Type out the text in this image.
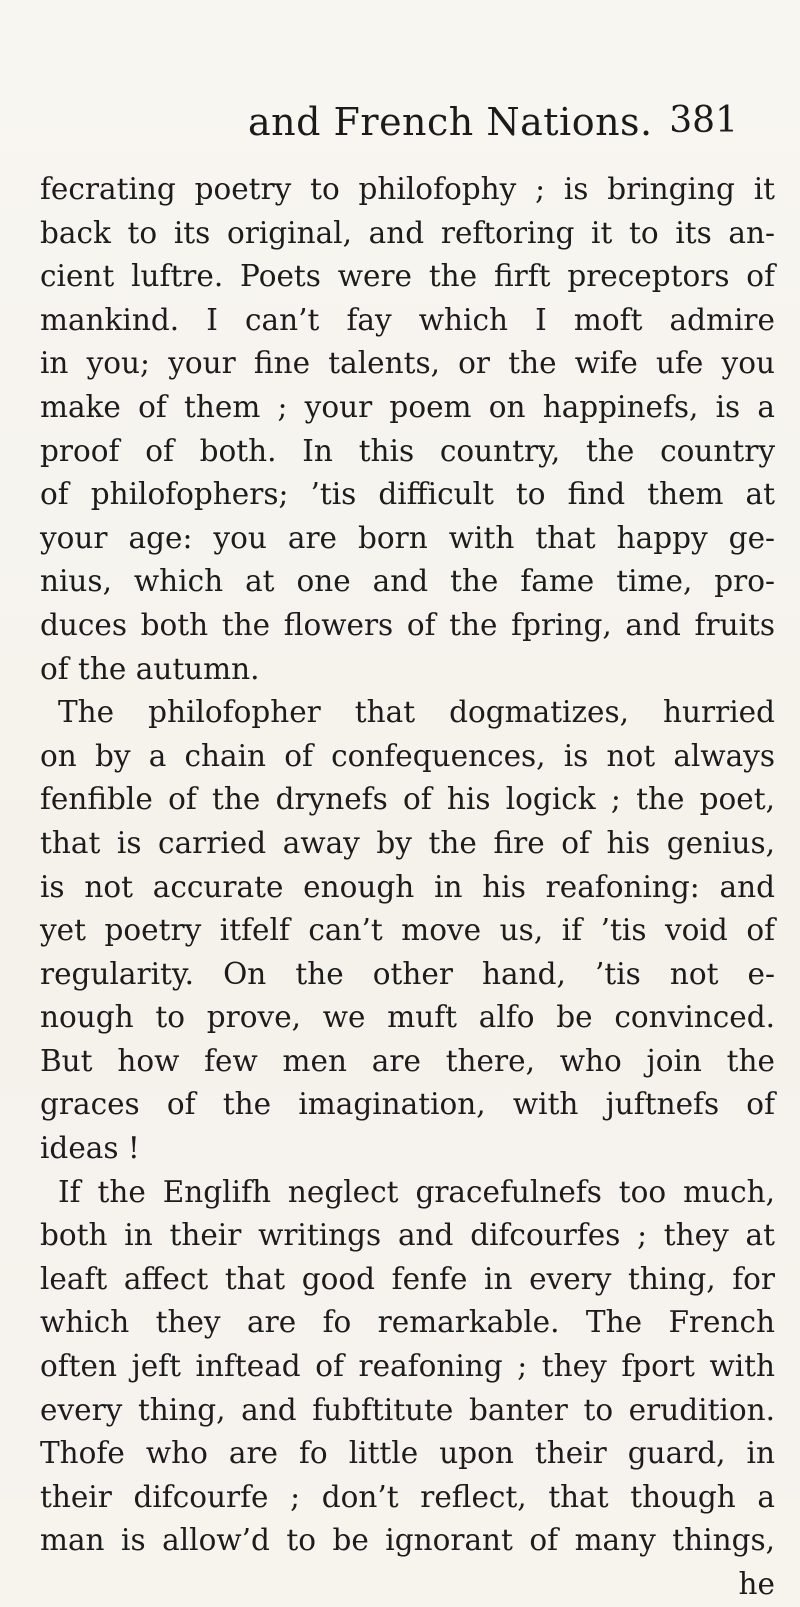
and French Nations. 381
fecrating poetry to philofophy ; is bringing it
back to its original, and reftoring it to its an-
cient luftre. Poets were the firft preceptors of
mankind. I can’t fay which I moft admire
in you; your fine talents, or the wife ufe you
make of them ; your poem on happinefs, is a
proof of both. In this country, the country
of philofophers; ’tis difficult to find them at
your age: you are born with that happy ge-
nius, which at one and the fame time, pro-
duces both the flowers of the fpring, and fruits
of the autumn.
The philofopher that dogmatizes, hurried
on by a chain of confequences, is not always
fenfible of the drynefs of his logick ; the poet,
that is carried away by the fire of his genius,
is not accurate enough in his reafoning: and
yet poetry itfelf can’t move us, if ’tis void of
regularity. On the other hand, ’tis not e-
nough to prove, we muft alfo be convinced.
But how few men are there, who join the
graces of the imagination, with juftnefs of
ideas !
If the Englifh neglect gracefulnefs too much,
both in their writings and difcourfes ; they at
leaft affect that good fenfe in every thing, for
which they are fo remarkable. The French
often jeft inftead of reafoning ; they fport with
every thing, and fubftitute banter to erudition.
Thofe who are fo little upon their guard, in
their difcourfe ; don’t reflect, that though a
man is allow’d to be ignorant of many things,
he
